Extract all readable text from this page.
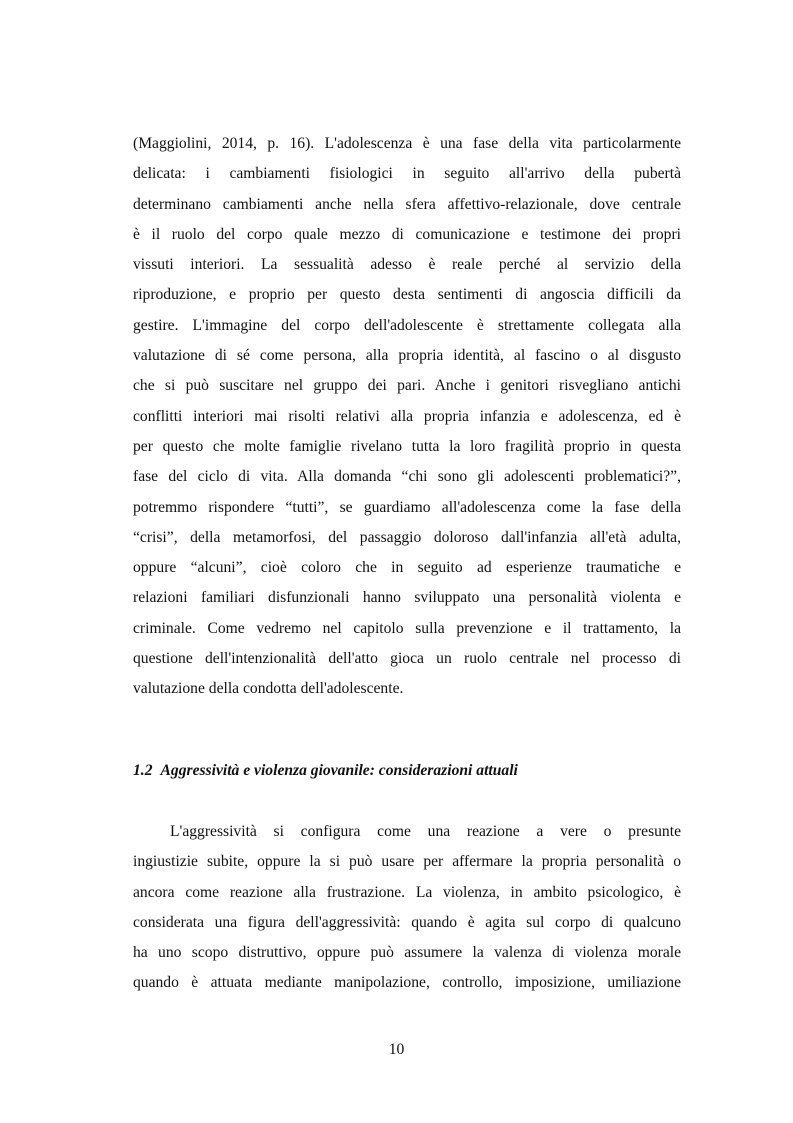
(Maggiolini, 2014, p. 16). L'adolescenza è una fase della vita particolarmente
delicata: i cambiamenti fisiologici in seguito all'arrivo della pubertà
determinano cambiamenti anche nella sfera affettivo-relazionale, dove centrale
è il ruolo del corpo quale mezzo di comunicazione e testimone dei propri
vissuti interiori. La sessualità adesso è reale perché al servizio della
riproduzione, e proprio per questo desta sentimenti di angoscia difficili da
gestire. L'immagine del corpo dell'adolescente è strettamente collegata alla
valutazione di sé come persona, alla propria identità, al fascino o al disgusto
che si può suscitare nel gruppo dei pari. Anche i genitori risvegliano antichi
conflitti interiori mai risolti relativi alla propria infanzia e adolescenza, ed è
per questo che molte famiglie rivelano tutta la loro fragilità proprio in questa
fase del ciclo di vita. Alla domanda “chi sono gli adolescenti problematici?”,
potremmo rispondere “tutti”, se guardiamo all'adolescenza come la fase della
“crisi”, della metamorfosi, del passaggio doloroso dall'infanzia all'età adulta,
oppure “alcuni”, cioè coloro che in seguito ad esperienze traumatiche e
relazioni familiari disfunzionali hanno sviluppato una personalità violenta e
criminale. Come vedremo nel capitolo sulla prevenzione e il trattamento, la
questione dell'intenzionalità dell'atto gioca un ruolo centrale nel processo di
valutazione della condotta dell'adolescente.
1.2 Aggressività e violenza giovanile: considerazioni attuali
L'aggressività si configura come una reazione a vere o presunte
ingiustizie subite, oppure la si può usare per affermare la propria personalità o
ancora come reazione alla frustrazione. La violenza, in ambito psicologico, è
considerata una figura dell'aggressività: quando è agita sul corpo di qualcuno
ha uno scopo distruttivo, oppure può assumere la valenza di violenza morale
quando è attuata mediante manipolazione, controllo, imposizione, umiliazione
10
